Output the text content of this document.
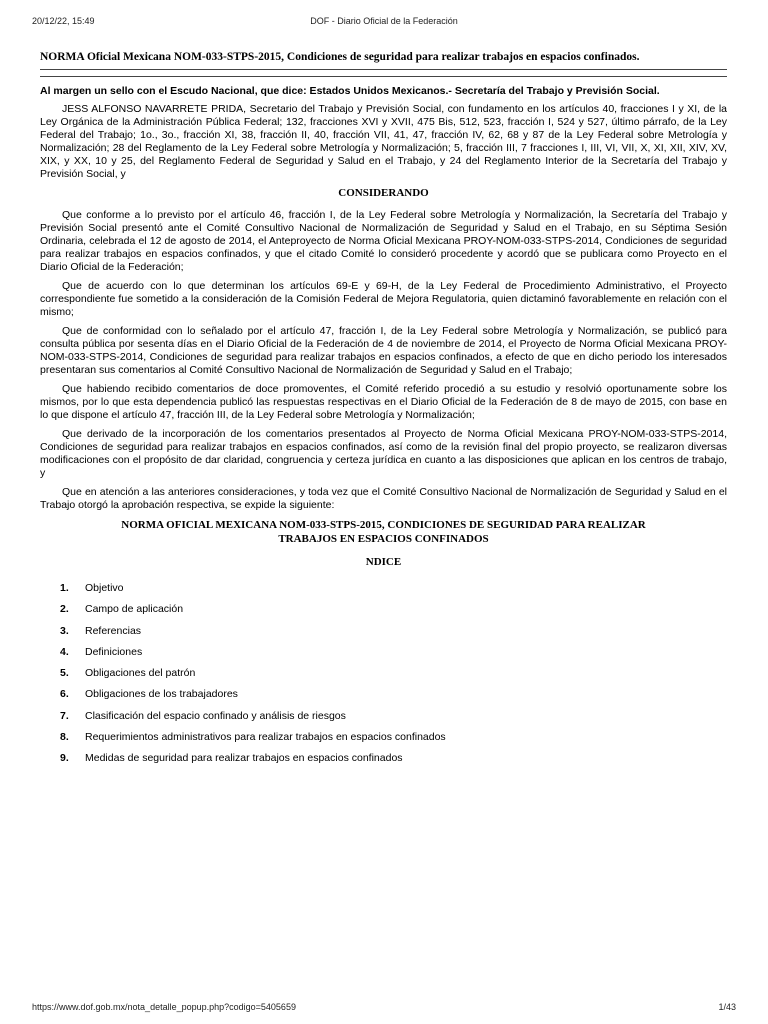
20/12/22, 15:49	DOF - Diario Oficial de la Federación
NORMA Oficial Mexicana NOM-033-STPS-2015, Condiciones de seguridad para realizar trabajos en espacios confinados.
Al margen un sello con el Escudo Nacional, que dice: Estados Unidos Mexicanos.- Secretaría del Trabajo y Previsión Social.

JESS ALFONSO NAVARRETE PRIDA, Secretario del Trabajo y Previsión Social, con fundamento en los artículos 40, fracciones I y XI, de la Ley Orgánica de la Administración Pública Federal; 132, fracciones XVI y XVII, 475 Bis, 512, 523, fracción I, 524 y 527, último párrafo, de la Ley Federal del Trabajo; 1o., 3o., fracción XI, 38, fracción II, 40, fracción VII, 41, 47, fracción IV, 62, 68 y 87 de la Ley Federal sobre Metrología y Normalización; 28 del Reglamento de la Ley Federal sobre Metrología y Normalización; 5, fracción III, 7 fracciones I, III, VI, VII, X, XI, XII, XIV, XV, XIX, y XX, 10 y 25, del Reglamento Federal de Seguridad y Salud en el Trabajo, y 24 del Reglamento Interior de la Secretaría del Trabajo y Previsión Social, y

CONSIDERANDO

Que conforme a lo previsto por el artículo 46, fracción I, de la Ley Federal sobre Metrología y Normalización, la Secretaría del Trabajo y Previsión Social presentó ante el Comité Consultivo Nacional de Normalización de Seguridad y Salud en el Trabajo, en su Séptima Sesión Ordinaria, celebrada el 12 de agosto de 2014, el Anteproyecto de Norma Oficial Mexicana PROY-NOM-033-STPS-2014, Condiciones de seguridad para realizar trabajos en espacios confinados, y que el citado Comité lo consideró procedente y acordó que se publicara como Proyecto en el Diario Oficial de la Federación;

Que de acuerdo con lo que determinan los artículos 69-E y 69-H, de la Ley Federal de Procedimiento Administrativo, el Proyecto correspondiente fue sometido a la consideración de la Comisión Federal de Mejora Regulatoria, quien dictaminó favorablemente en relación con el mismo;

Que de conformidad con lo señalado por el artículo 47, fracción I, de la Ley Federal sobre Metrología y Normalización, se publicó para consulta pública por sesenta días en el Diario Oficial de la Federación de 4 de noviembre de 2014, el Proyecto de Norma Oficial Mexicana PROY-NOM-033-STPS-2014, Condiciones de seguridad para realizar trabajos en espacios confinados, a efecto de que en dicho periodo los interesados presentaran sus comentarios al Comité Consultivo Nacional de Normalización de Seguridad y Salud en el Trabajo;

Que habiendo recibido comentarios de doce promoventes, el Comité referido procedió a su estudio y resolvió oportunamente sobre los mismos, por lo que esta dependencia publicó las respuestas respectivas en el Diario Oficial de la Federación de 8 de mayo de 2015, con base en lo que dispone el artículo 47, fracción III, de la Ley Federal sobre Metrología y Normalización;

Que derivado de la incorporación de los comentarios presentados al Proyecto de Norma Oficial Mexicana PROY-NOM-033-STPS-2014, Condiciones de seguridad para realizar trabajos en espacios confinados, así como de la revisión final del propio proyecto, se realizaron diversas modificaciones con el propósito de dar claridad, congruencia y certeza jurídica en cuanto a las disposiciones que aplican en los centros de trabajo, y

Que en atención a las anteriores consideraciones, y toda vez que el Comité Consultivo Nacional de Normalización de Seguridad y Salud en el Trabajo otorgó la aprobación respectiva, se expide la siguiente:

NORMA OFICIAL MEXICANA NOM-033-STPS-2015, CONDICIONES DE SEGURIDAD PARA REALIZAR TRABAJOS EN ESPACIOS CONFINADOS
NDICE
1.	Objetivo
2.	Campo de aplicación
3.	Referencias
4.	Definiciones
5.	Obligaciones del patrón
6.	Obligaciones de los trabajadores
7.	Clasificación del espacio confinado y análisis de riesgos
8.	Requerimientos administrativos para realizar trabajos en espacios confinados
9.	Medidas de seguridad para realizar trabajos en espacios confinados
https://www.dof.gob.mx/nota_detalle_popup.php?codigo=5405659	1/43
